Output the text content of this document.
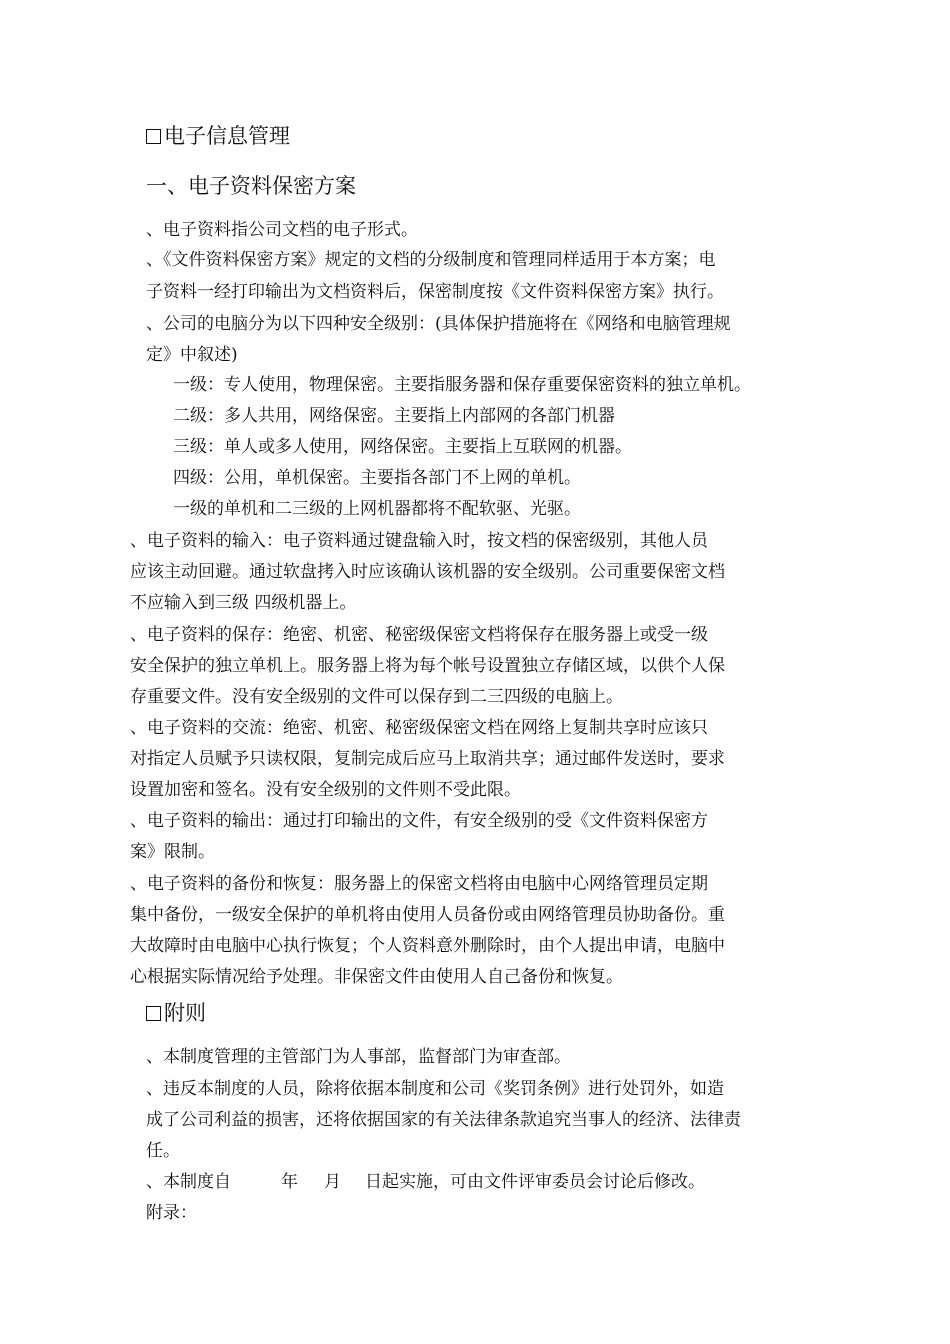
电子信息管理
一、电子资料保密方案
、电子资料指公司文档的电子形式。
、《文件资料保密方案》规定的文档的分级制度和管理同样适用于本方案；电
子资料一经打印输出为文档资料后，保密制度按《文件资料保密方案》执行。
、公司的电脑分为以下四种安全级别：(具体保护措施将在《网络和电脑管理规
定》中叙述)
一级：专人使用，物理保密。主要指服务器和保存重要保密资料的独立单机。
二级：多人共用，网络保密。主要指上内部网的各部门机器
三级：单人或多人使用，网络保密。主要指上互联网的机器。
四级：公用，单机保密。主要指各部门不上网的单机。
一级的单机和二三级的上网机器都将不配软驱、光驱。
、电子资料的输入：电子资料通过键盘输入时，按文档的保密级别，其他人员
应该主动回避。通过软盘拷入时应该确认该机器的安全级别。公司重要保密文档
不应输入到三级 四级机器上。
、电子资料的保存：绝密、机密、秘密级保密文档将保存在服务器上或受一级
安全保护的独立单机上。服务器上将为每个帐号设置独立存储区域，以供个人保
存重要文件。没有安全级别的文件可以保存到二三四级的电脑上。
、电子资料的交流：绝密、机密、秘密级保密文档在网络上复制共享时应该只
对指定人员赋予只读权限，复制完成后应马上取消共享；通过邮件发送时，要求
设置加密和签名。没有安全级别的文件则不受此限。
、电子资料的输出：通过打印输出的文件，有安全级别的受《文件资料保密方
案》限制。
、电子资料的备份和恢复：服务器上的保密文档将由电脑中心网络管理员定期
集中备份，一级安全保护的单机将由使用人员备份或由网络管理员协助备份。重
大故障时由电脑中心执行恢复；个人资料意外删除时，由个人提出申请，电脑中
心根据实际情况给予处理。非保密文件由使用人自己备份和恢复。
附则
、本制度管理的主管部门为人事部，监督部门为审查部。
、违反本制度的人员，除将依据本制度和公司《奖罚条例》进行处罚外，如造
成了公司利益的损害，还将依据国家的有关法律条款追究当事人的经济、法律责
任。
、本制度自	年 月 日起实施，可由文件评审委员会讨论后修改。
附录：
